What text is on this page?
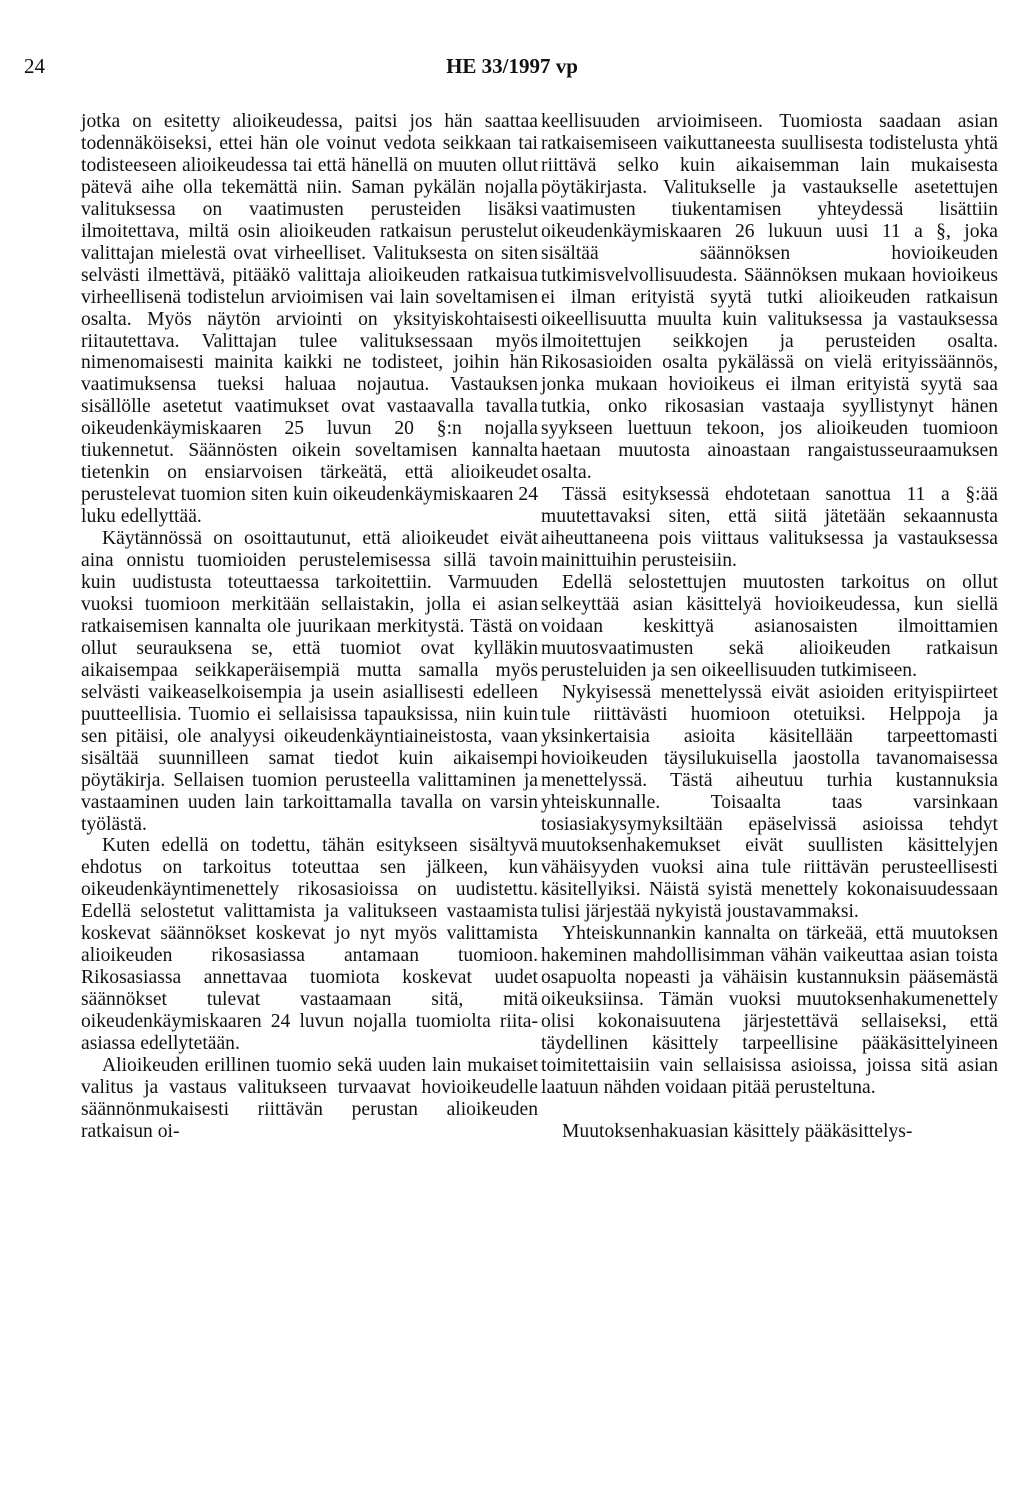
24	HE 33/1997 vp

jotka on esitetty alioikeudessa, paitsi jos hän saattaa todennäköiseksi, ettei hän ole voinut vedota seikkaan tai todisteeseen alioikeudessa tai että hänellä on muuten ollut pätevä aihe olla tekemättä niin. Saman pykälän nojalla valituksessa on vaatimusten perusteiden lisäksi ilmoitettava, miltä osin alioikeuden ratkaisun perustelut valittajan mielestä ovat virheelliset. Valituksesta on siten selvästi ilmettävä, pitääkö valittaja alioikeuden ratkaisua virheellisenä todistelun arvioimisen vai lain soveltamisen osalta. Myös näytön arviointi on yksityiskohtaisesti riitautettava. Valittajan tulee valituksessaan myös nimenomaisesti mainita kaikki ne todisteet, joihin hän vaatimuksensa tueksi haluaa nojautua. Vastauksen sisällölle asetetut vaatimukset ovat vastaavalla tavalla oikeudenkäymiskaaren 25 luvun 20 §:n nojalla tiukennetut. Säännösten oikein soveltamisen kannalta tietenkin on ensiarvoisen tärkeätä, että alioikeudet perustelevat tuomion siten kuin oikeudenkäymiskaaren 24 luku edellyttää.

Käytännössä on osoittautunut, että alioikeudet eivät aina onnistu tuomioiden perustelemisessa sillä tavoin kuin uudistusta toteuttaessa tarkoitettiin. Varmuuden vuoksi tuomioon merkitään sellaistakin, jolla ei asian ratkaisemisen kannalta ole juurikaan merkitystä. Tästä on ollut seurauksena se, että tuomiot ovat kylläkin aikaisempaa seikkaperäisempiä mutta samalla myös selvästi vaikeaselkoisempia ja usein asiallisesti edelleen puutteellisia. Tuomio ei sellaisissa tapauksissa, niin kuin sen pitäisi, ole analyysi oikeudenkäyntiaineistosta, vaan sisältää suunnilleen samat tiedot kuin aikaisempi pöytäkirja. Sellaisen tuomion perusteella valittaminen ja vastaaminen uuden lain tarkoittamalla tavalla on varsin työlästä.

Kuten edellä on todettu, tähän esitykseen sisältyvä ehdotus on tarkoitus toteuttaa sen jälkeen, kun oikeudenkäyntimenettely rikosasioissa on uudistettu. Edellä selostetut valittamista ja valitukseen vastaamista koskevat säännökset koskevat jo nyt myös valittamista alioikeuden rikosasiassa antamaan tuomioon. Rikosasiassa annettavaa tuomiota koskevat uudet säännökset tulevat vastaamaan sitä, mitä oikeudenkäymiskaaren 24 luvun nojalla tuomiolta riita-asiassa edellytetään.

Alioikeuden erillinen tuomio sekä uuden lain mukaiset valitus ja vastaus valitukseen turvaavat hovioikeudelle säännönmukaisesti riittävän perustan alioikeuden ratkaisun oi-

keellisuuden arvioimiseen. Tuomiosta saadaan asian ratkaisemiseen vaikuttaneesta suullisesta todistelusta yhtä riittävä selko kuin aikaisemman lain mukaisesta pöytäkirjasta. Valitukselle ja vastaukselle asetettujen vaatimusten tiukentamisen yhteydessä lisättiin oikeudenkäymiskaaren 26 lukuun uusi 11 a §, joka sisältää säännöksen hovioikeuden tutkimisvelvollisuudesta. Säännöksen mukaan hovioikeus ei ilman erityistä syytä tutki alioikeuden ratkaisun oikeellisuutta muulta kuin valituksessa ja vastauksessa ilmoitettujen seikkojen ja perusteiden osalta. Rikosasioiden osalta pykälässä on vielä erityissäännös, jonka mukaan hovioikeus ei ilman erityistä syytä saa tutkia, onko rikosasian vastaaja syyllistynyt hänen syykseen luettuun tekoon, jos alioikeuden tuomioon haetaan muutosta ainoastaan rangaistusseuraamuksen osalta.

Tässä esityksessä ehdotetaan sanottua 11 a §:ää muutettavaksi siten, että siitä jätetään sekaannusta aiheuttaneena pois viittaus valituksessa ja vastauksessa mainittuihin perusteisiin.

Edellä selostettujen muutosten tarkoitus on ollut selkeyttää asian käsittelyä hovioikeudessa, kun siellä voidaan keskittyä asianosaisten ilmoittamien muutosvaatimusten sekä alioikeuden ratkaisun perusteluiden ja sen oikeellisuuden tutkimiseen.

Nykyisessä menettelyssä eivät asioiden erityispiirteet tule riittävästi huomioon otetuiksi. Helppoja ja yksinkertaisia asioita käsitellään tarpeettomasti hovioikeuden täysilukuisella jaostolla tavanomaisessa menettelyssä. Tästä aiheutuu turhia kustannuksia yhteiskunnalle. Toisaalta taas varsinkaan tosiasiakysymyksiltään epäselvissä asioissa tehdyt muutoksenhakemukset eivät suullisten käsittelyjen vähäisyyden vuoksi aina tule riittävän perusteellisesti käsitellyiksi. Näistä syistä menettely kokonaisuudessaan tulisi järjestää nykyistä joustavammaksi.

Yhteiskunnankin kannalta on tärkeää, että muutoksen hakeminen mahdollisimman vähän vaikeuttaa asian toista osapuolta nopeasti ja vähäisin kustannuksin pääsemästä oikeuksiinsa. Tämän vuoksi muutoksenhakumenettely olisi kokonaisuutena järjestettävä sellaiseksi, että täydellinen käsittely tarpeellisine pääkäsittelyineen toimitettaisiin vain sellaisissa asioissa, joissa sitä asian laatuun nähden voidaan pitää perusteltuna.

Muutoksenhakuasian käsittely pääkäsittelys-
